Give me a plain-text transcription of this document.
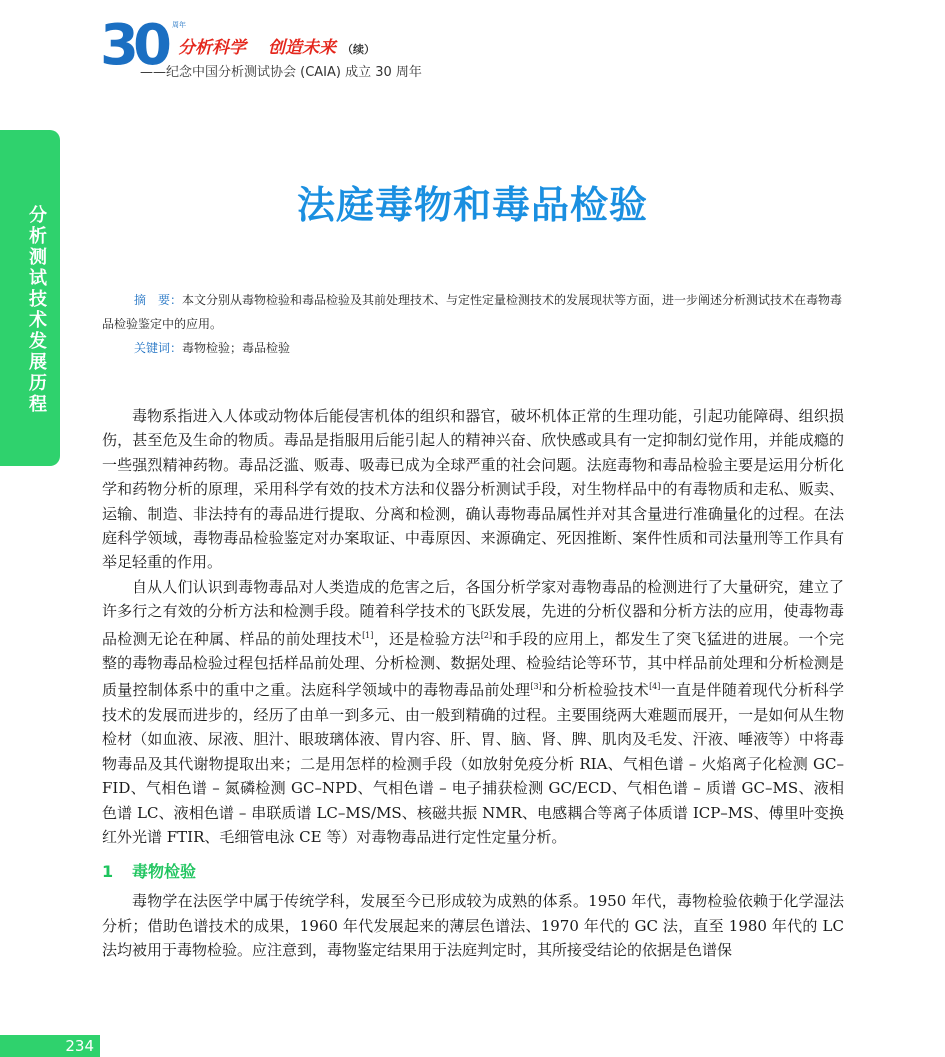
30 周年
分析科学 创造未来 （续）
——纪念中国分析测试协会 (CAIA) 成立 30 周年
分析测试技术发展历程
法庭毒物和毒品检验

摘　要：本文分别从毒物检验和毒品检验及其前处理技术、与定性定量检测技术的发展现状等方面，进一步阐述分析测试技术在毒物毒品检验鉴定中的应用。

关键词：毒物检验；毒品检验

毒物系指进入人体或动物体后能侵害机体的组织和器官，破坏机体正常的生理功能，引起功能障碍、组织损伤，甚至危及生命的物质。毒品是指服用后能引起人的精神兴奋、欣快感或具有一定抑制幻觉作用，并能成瘾的一些强烈精神药物。毒品泛滥、贩毒、吸毒已成为全球严重的社会问题。法庭毒物和毒品检验主要是运用分析化学和药物分析的原理，采用科学有效的技术方法和仪器分析测试手段，对生物样品中的有毒物质和走私、贩卖、运输、制造、非法持有的毒品进行提取、分离和检测，确认毒物毒品属性并对其含量进行准确量化的过程。在法庭科学领域，毒物毒品检验鉴定对办案取证、中毒原因、来源确定、死因推断、案件性质和司法量刑等工作具有举足轻重的作用。

自从人们认识到毒物毒品对人类造成的危害之后，各国分析学家对毒物毒品的检测进行了大量研究，建立了许多行之有效的分析方法和检测手段。随着科学技术的飞跃发展，先进的分析仪器和分析方法的应用，使毒物毒品检测无论在种属、样品的前处理技术[1]，还是检验方法[2]和手段的应用上，都发生了突飞猛进的进展。一个完整的毒物毒品检验过程包括样品前处理、分析检测、数据处理、检验结论等环节，其中样品前处理和分析检测是质量控制体系中的重中之重。法庭科学领域中的毒物毒品前处理[3]和分析检验技术[4]一直是伴随着现代分析科学技术的发展而进步的，经历了由单一到多元、由一般到精确的过程。主要围绕两大难题而展开，一是如何从生物检材（如血液、尿液、胆汁、眼玻璃体液、胃内容、肝、胃、脑、肾、脾、肌肉及毛发、汗液、唾液等）中将毒物毒品及其代谢物提取出来；二是用怎样的检测手段（如放射免疫分析 RIA、气相色谱 – 火焰离子化检测 GC–FID、气相色谱 – 氮磷检测 GC–NPD、气相色谱 – 电子捕获检测 GC/ECD、气相色谱 – 质谱 GC–MS、液相色谱 LC、液相色谱 – 串联质谱 LC–MS/MS、核磁共振 NMR、电感耦合等离子体质谱 ICP–MS、傅里叶变换红外光谱 FTIR、毛细管电泳 CE 等）对毒物毒品进行定性定量分析。

1 毒物检验

毒物学在法医学中属于传统学科，发展至今已形成较为成熟的体系。1950 年代，毒物检验依赖于化学湿法分析；借助色谱技术的成果，1960 年代发展起来的薄层色谱法、1970 年代的 GC 法，直至 1980 年代的 LC 法均被用于毒物检验。应注意到，毒物鉴定结果用于法庭判定时，其所接受结论的依据是色谱保

234
